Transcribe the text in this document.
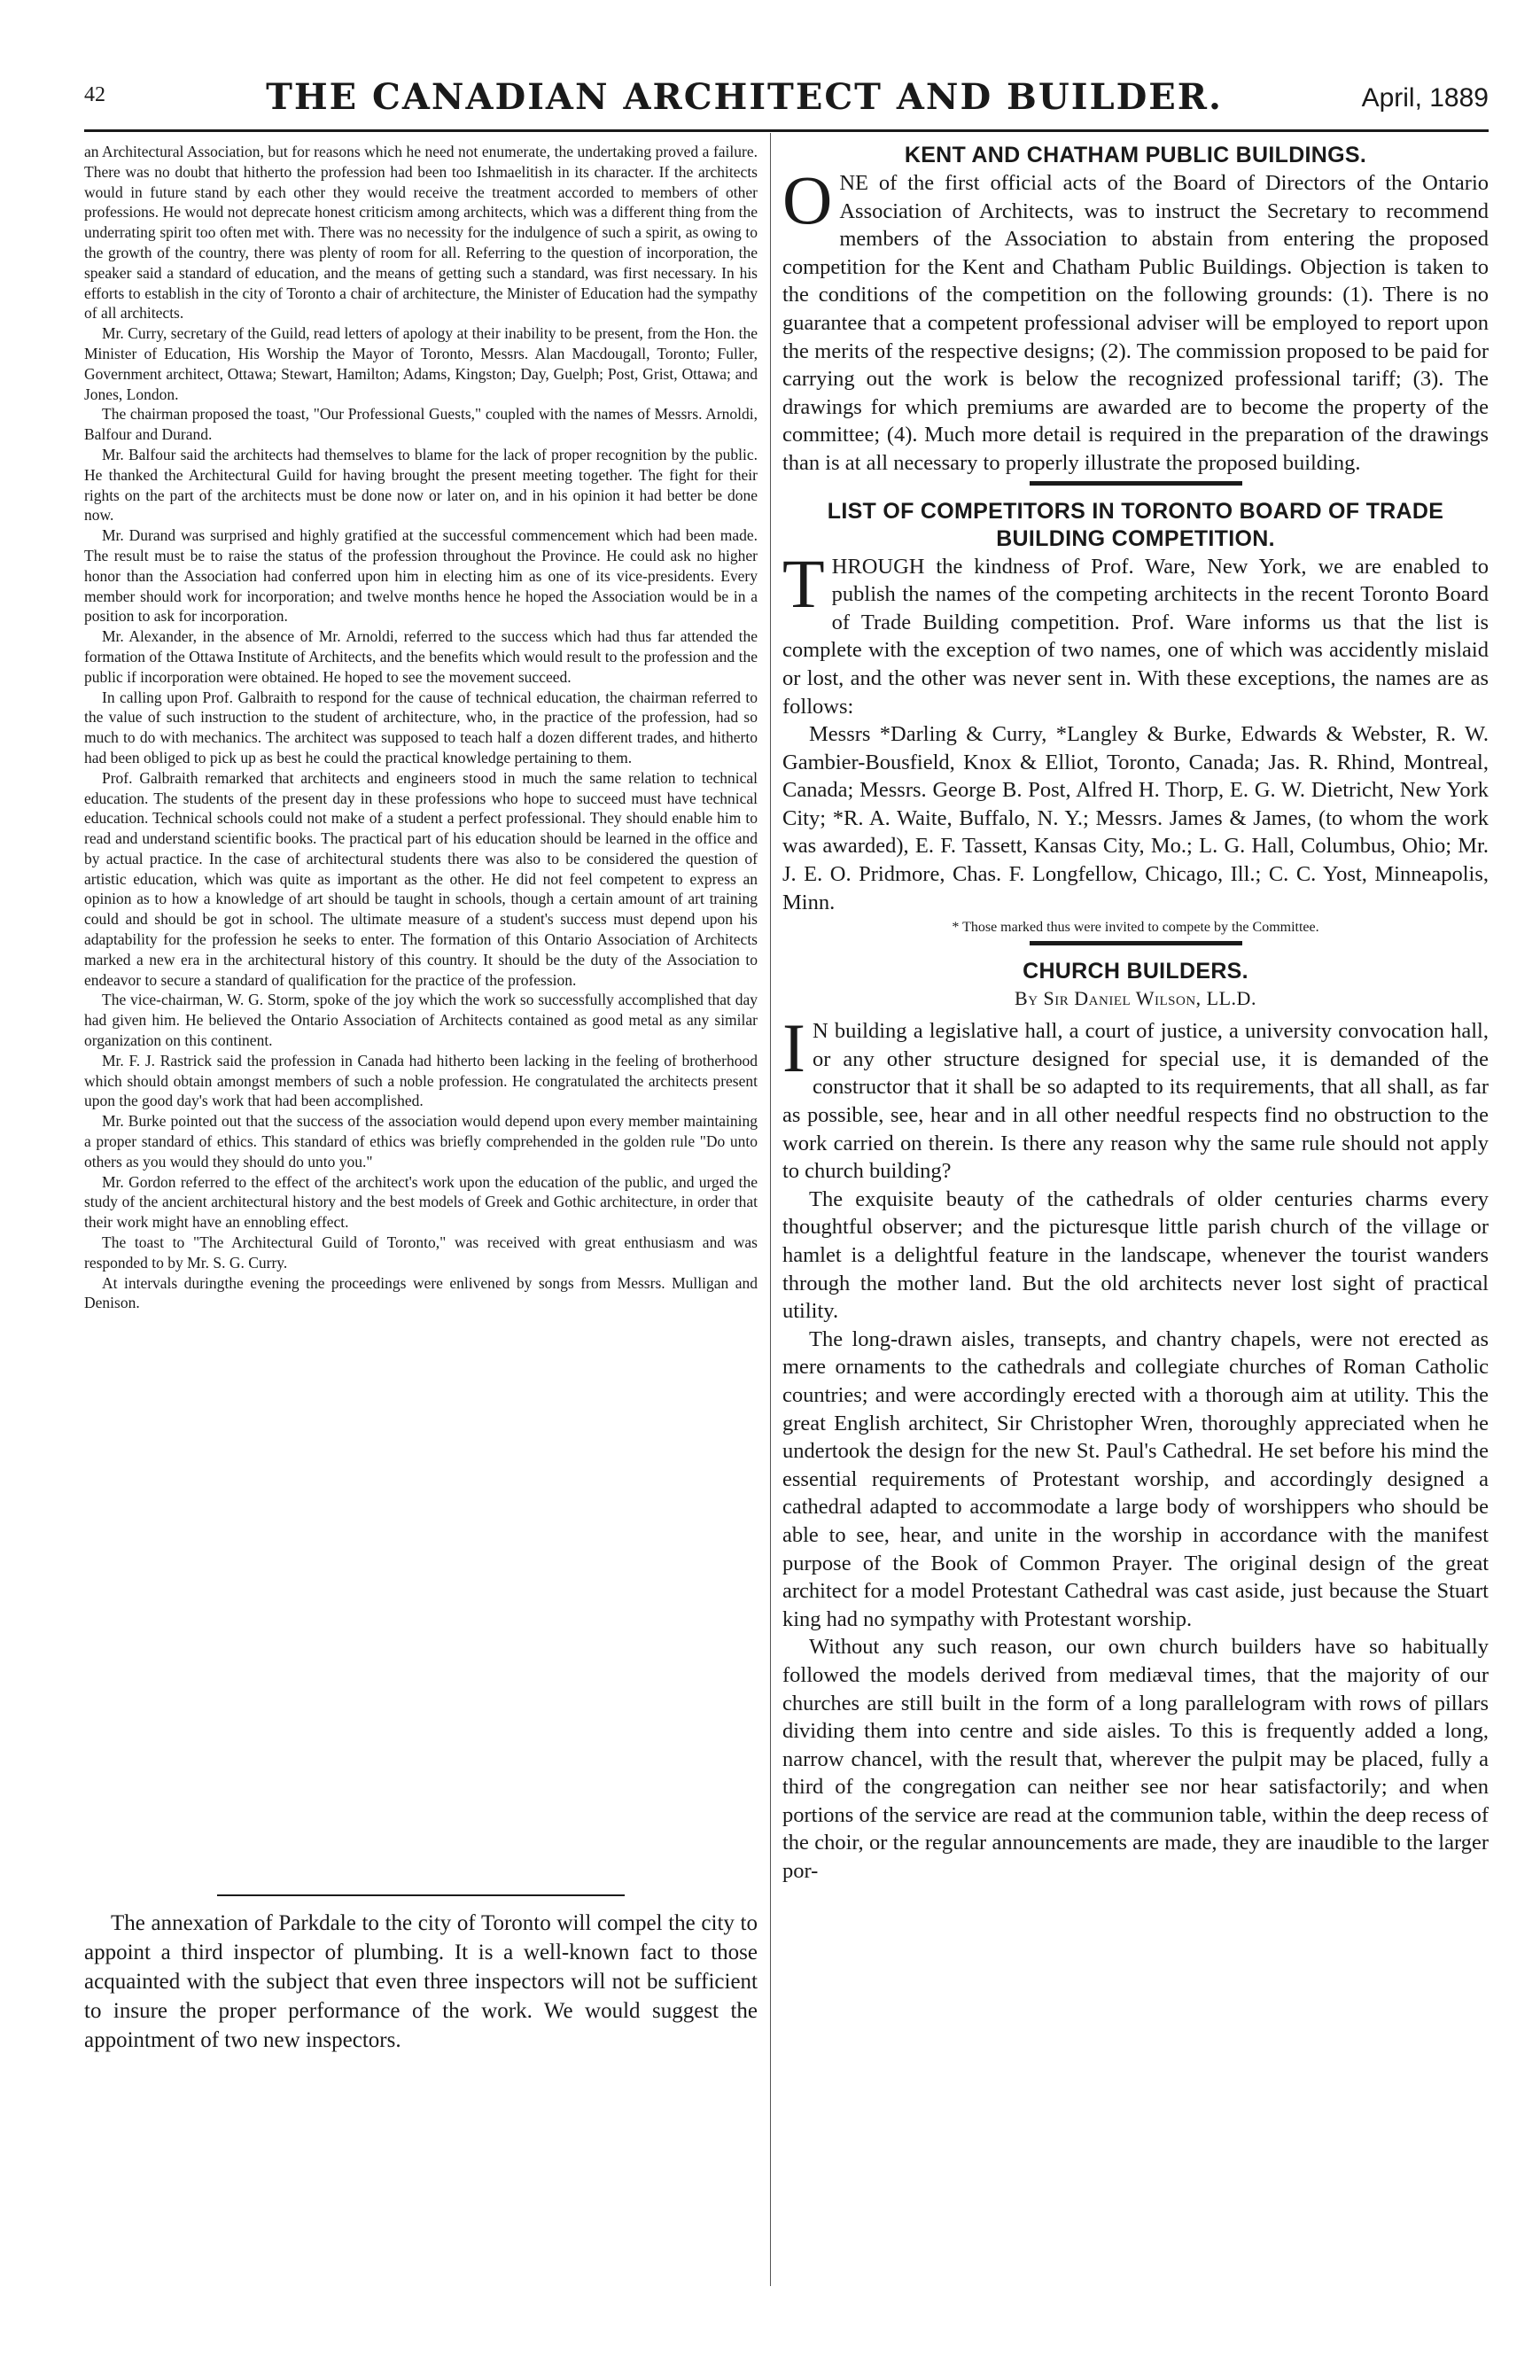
42	THE CANADIAN ARCHITECT AND BUILDER.	April, 1889

an Architectural Association, but for reasons which he need not enumerate, the undertaking proved a failure. There was no doubt that hitherto the profession had been too Ishmaelitish in its character. If the architects would in future stand by each other they would receive the treatment accorded to members of other professions. He would not deprecate honest criticism among architects, which was a different thing from the underrating spirit too often met with. There was no necessity for the indulgence of such a spirit, as owing to the growth of the country, there was plenty of room for all. Referring to the question of incorporation, the speaker said a standard of education, and the means of getting such a standard, was first necessary. In his efforts to establish in the city of Toronto a chair of architecture, the Minister of Education had the sympathy of all architects.

Mr. Curry, secretary of the Guild, read letters of apology at their inability to be present, from the Hon. the Minister of Education, His Worship the Mayor of Toronto, Messrs. Alan Macdougall, Toronto; Fuller, Government architect, Ottawa; Stewart, Hamilton; Adams, Kingston; Day, Guelph; Post, Grist, Ottawa; and Jones, London.

The chairman proposed the toast, "Our Professional Guests," coupled with the names of Messrs. Arnoldi, Balfour and Durand.

Mr. Balfour said the architects had themselves to blame for the lack of proper recognition by the public. He thanked the Architectural Guild for having brought the present meeting together. The fight for their rights on the part of the architects must be done now or later on, and in his opinion it had better be done now.

Mr. Durand was surprised and highly gratified at the successful commencement which had been made. The result must be to raise the status of the profession throughout the Province. He could ask no higher honor than the Association had conferred upon him in electing him as one of its vice-presidents. Every member should work for incorporation; and twelve months hence he hoped the Association would be in a position to ask for incorporation.

Mr. Alexander, in the absence of Mr. Arnoldi, referred to the success which had thus far attended the formation of the Ottawa Institute of Architects, and the benefits which would result to the profession and the public if incorporation were obtained. He hoped to see the movement succeed.

In calling upon Prof. Galbraith to respond for the cause of technical education, the chairman referred to the value of such instruction to the student of architecture, who, in the practice of the profession, had so much to do with mechanics. The architect was supposed to teach half a dozen different trades, and hitherto had been obliged to pick up as best he could the practical knowledge pertaining to them.

Prof. Galbraith remarked that architects and engineers stood in much the same relation to technical education. The students of the present day in these professions who hope to succeed must have technical education. Technical schools could not make of a student a perfect professional. They should enable him to read and understand scientific books. The practical part of his education should be learned in the office and by actual practice. In the case of architectural students there was also to be considered the question of artistic education, which was quite as important as the other. He did not feel competent to express an opinion as to how a knowledge of art should be taught in schools, though a certain amount of art training could and should be got in school. The ultimate measure of a student's success must depend upon his adaptability for the profession he seeks to enter. The formation of this Ontario Association of Architects marked a new era in the architectural history of this country. It should be the duty of the Association to endeavor to secure a standard of qualification for the practice of the profession.

The vice-chairman, W. G. Storm, spoke of the joy which the work so successfully accomplished that day had given him. He believed the Ontario Association of Architects contained as good metal as any similar organization on this continent.

Mr. F. J. Rastrick said the profession in Canada had hitherto been lacking in the feeling of brotherhood which should obtain amongst members of such a noble profession. He congratulated the architects present upon the good day's work that had been accomplished.

Mr. Burke pointed out that the success of the association would depend upon every member maintaining a proper standard of ethics. This standard of ethics was briefly comprehended in the golden rule "Do unto others as you would they should do unto you."

Mr. Gordon referred to the effect of the architect's work upon the education of the public, and urged the study of the ancient architectural history and the best models of Greek and Gothic architecture, in order that their work might have an ennobling effect.

The toast to "The Architectural Guild of Toronto," was received with great enthusiasm and was responded to by Mr. S. G. Curry.

At intervals duringthe evening the proceedings were enlivened by songs from Messrs. Mulligan and Denison.

The annexation of Parkdale to the city of Toronto will compel the city to appoint a third inspector of plumbing. It is a well-known fact to those acquainted with the subject that even three inspectors will not be sufficient to insure the proper performance of the work. We would suggest the appointment of two new inspectors.

KENT AND CHATHAM PUBLIC BUILDINGS.

ONE of the first official acts of the Board of Directors of the Ontario Association of Architects, was to instruct the Secretary to recommend members of the Association to abstain from entering the proposed competition for the Kent and Chatham Public Buildings. Objection is taken to the conditions of the competition on the following grounds: (1). There is no guarantee that a competent professional adviser will be employed to report upon the merits of the respective designs; (2). The commission proposed to be paid for carrying out the work is below the recognized professional tariff; (3). The drawings for which premiums are awarded are to become the property of the committee; (4). Much more detail is required in the preparation of the drawings than is at all necessary to properly illustrate the proposed building.

LIST OF COMPETITORS IN TORONTO BOARD OF TRADE BUILDING COMPETITION.

THROUGH the kindness of Prof. Ware, New York, we are enabled to publish the names of the competing architects in the recent Toronto Board of Trade Building competition. Prof. Ware informs us that the list is complete with the exception of two names, one of which was accidently mislaid or lost, and the other was never sent in. With these exceptions, the names are as follows:

Messrs *Darling & Curry, *Langley & Burke, Edwards & Webster, R. W. Gambier-Bousfield, Knox & Elliot, Toronto, Canada; Jas. R. Rhind, Montreal, Canada; Messrs. George B. Post, Alfred H. Thorp, E. G. W. Dietricht, New York City; *R. A. Waite, Buffalo, N. Y.; Messrs. James & James, (to whom the work was awarded), E. F. Tassett, Kansas City, Mo.; L. G. Hall, Columbus, Ohio; Mr. J. E. O. Pridmore, Chas. F. Longfellow, Chicago, Ill.; C. C. Yost, Minneapolis, Minn.

* Those marked thus were invited to compete by the Committee.

CHURCH BUILDERS.

By Sir Daniel Wilson, LL.D.

I N building a legislative hall, a court of justice, a university convocation hall, or any other structure designed for special use, it is demanded of the constructor that it shall be so adapted to its requirements, that all shall, as far as possible, see, hear and in all other needful respects find no obstruction to the work carried on therein. Is there any reason why the same rule should not apply to church building?

The exquisite beauty of the cathedrals of older centuries charms every thoughtful observer; and the picturesque little parish church of the village or hamlet is a delightful feature in the landscape, whenever the tourist wanders through the mother land. But the old architects never lost sight of practical utility.

The long-drawn aisles, transepts, and chantry chapels, were not erected as mere ornaments to the cathedrals and collegiate churches of Roman Catholic countries; and were accordingly erected with a thorough aim at utility. This the great English architect, Sir Christopher Wren, thoroughly appreciated when he undertook the design for the new St. Paul's Cathedral. He set before his mind the essential requirements of Protestant worship, and accordingly designed a cathedral adapted to accommodate a large body of worshippers who should be able to see, hear, and unite in the worship in accordance with the manifest purpose of the Book of Common Prayer. The original design of the great architect for a model Protestant Cathedral was cast aside, just because the Stuart king had no sympathy with Protestant worship.

Without any such reason, our own church builders have so habitually followed the models derived from mediæval times, that the majority of our churches are still built in the form of a long parallelogram with rows of pillars dividing them into centre and side aisles. To this is frequently added a long, narrow chancel, with the result that, wherever the pulpit may be placed, fully a third of the congregation can neither see nor hear satisfactorily; and when portions of the service are read at the communion table, within the deep recess of the choir, or the regular announcements are made, they are inaudible to the larger por-
